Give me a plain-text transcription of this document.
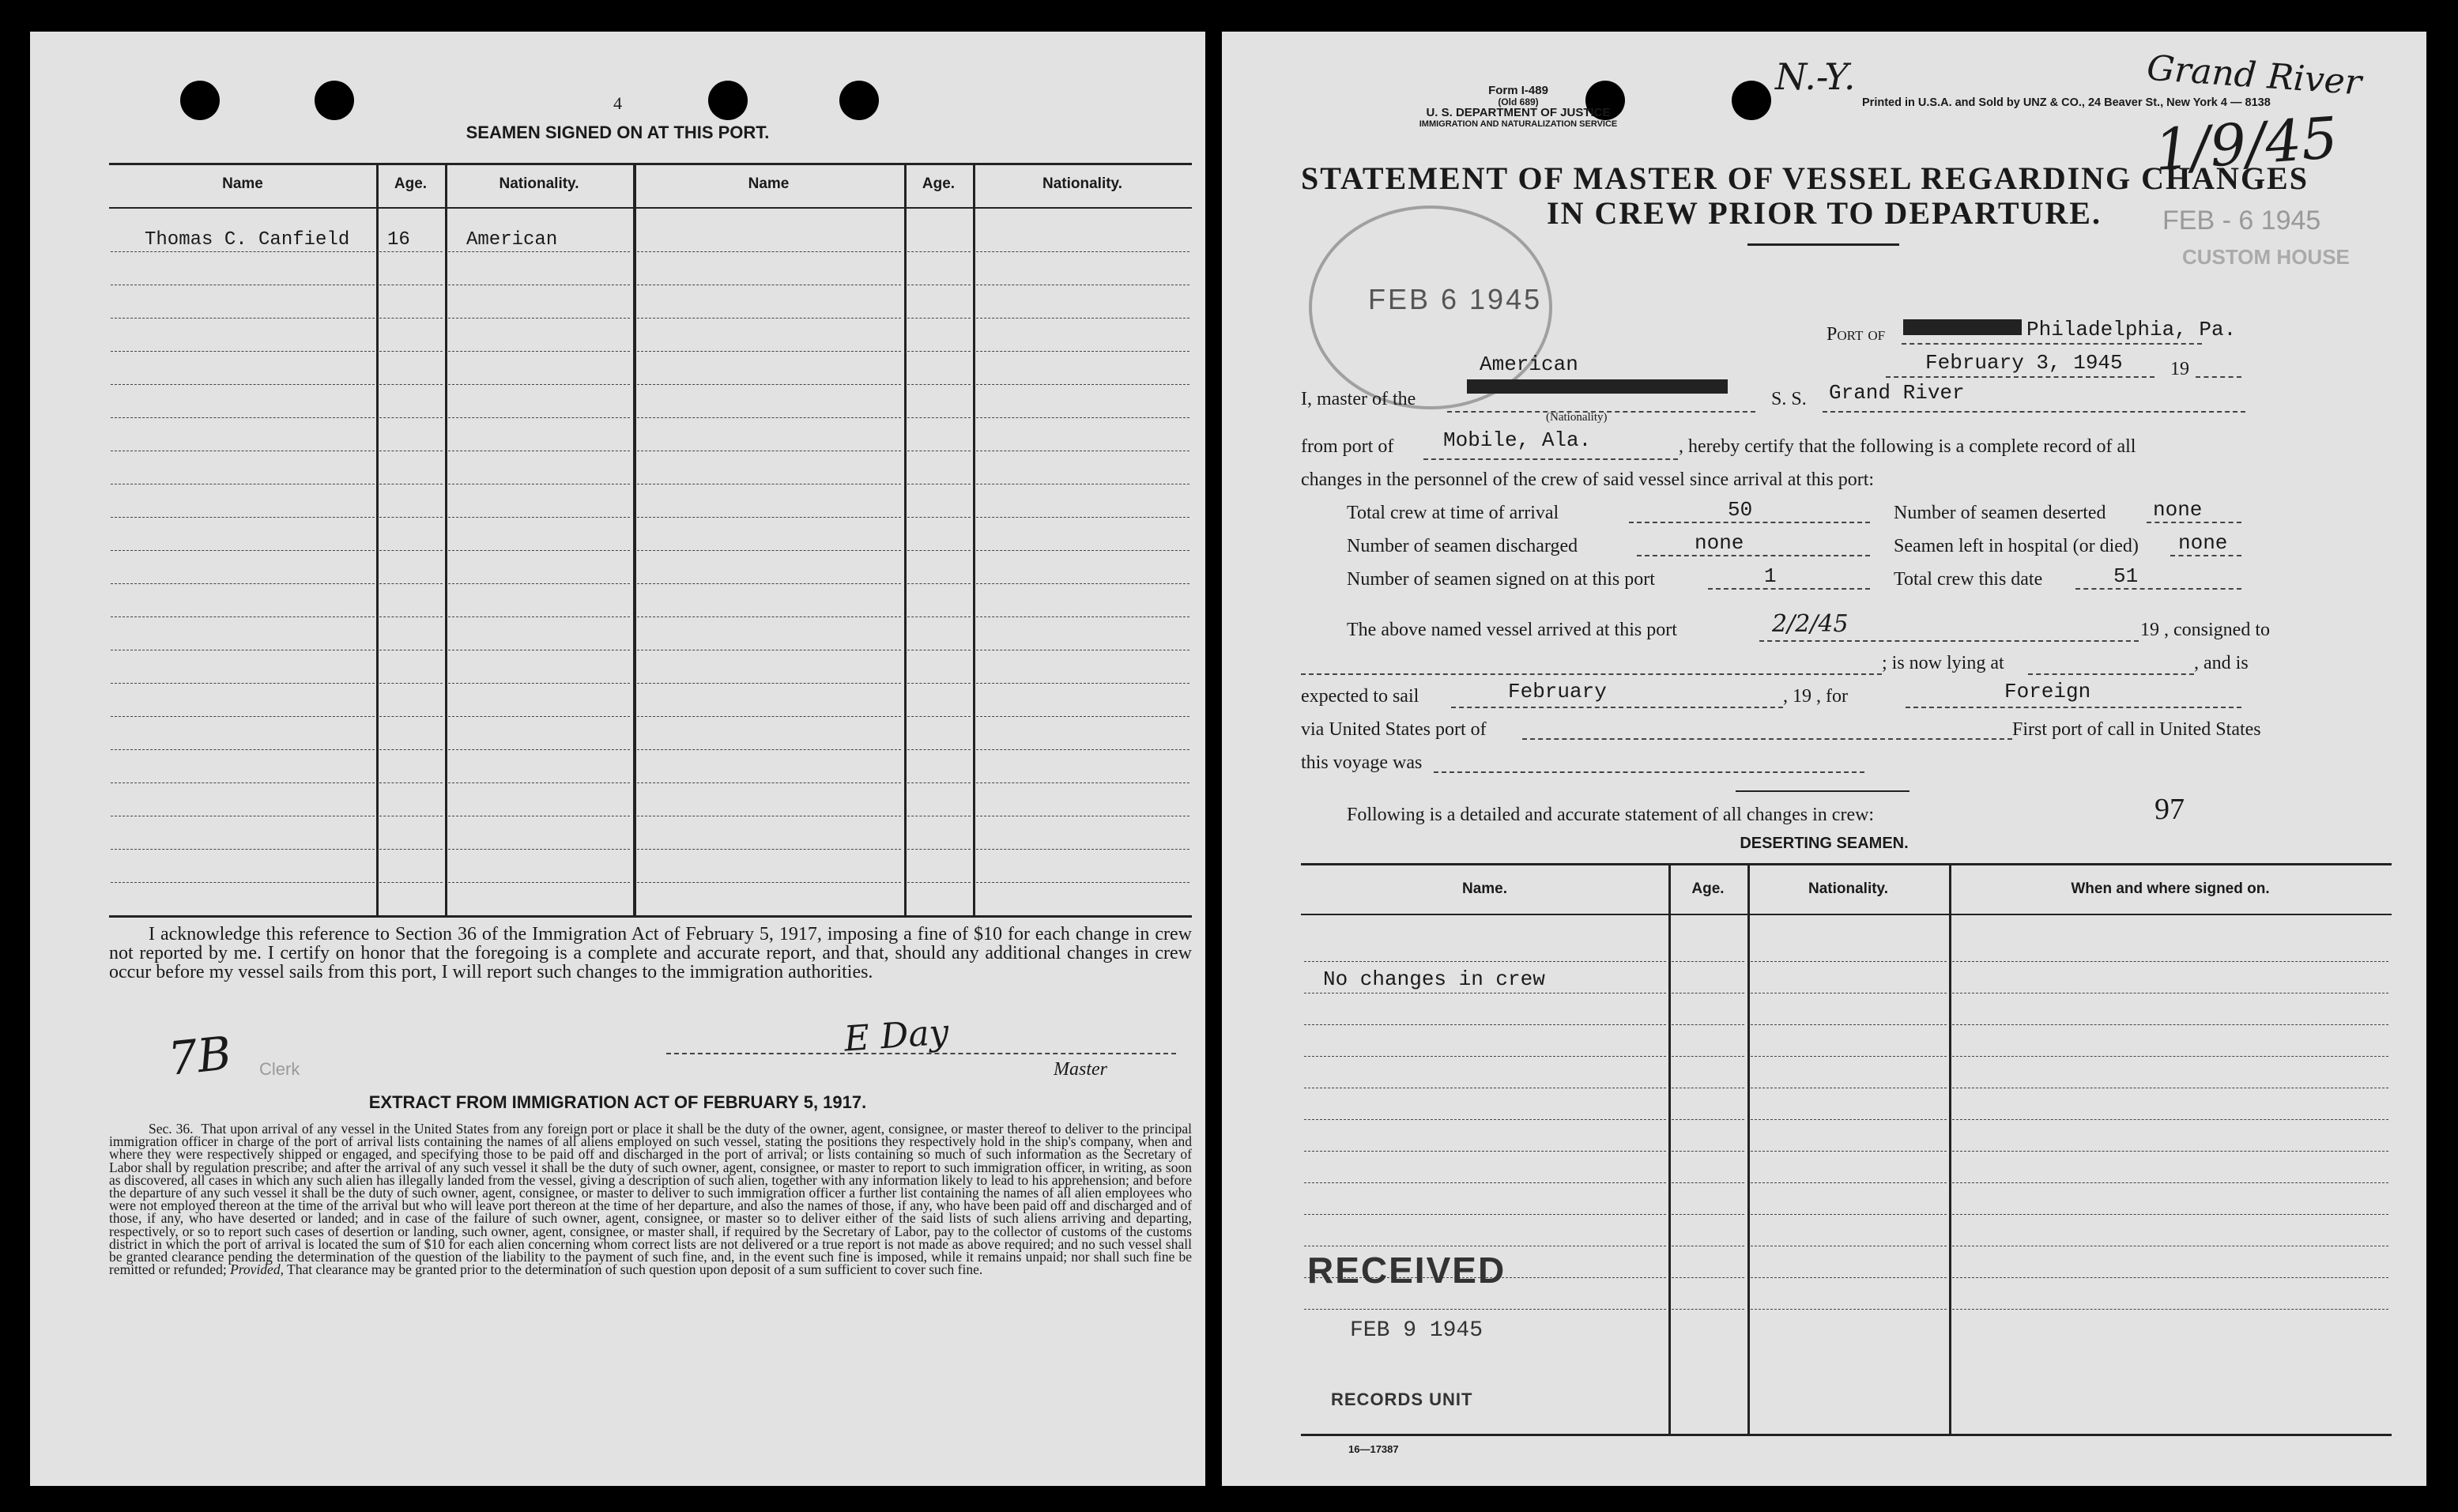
4
SEAMEN SIGNED ON AT THIS PORT.
Name	Age.	Nationality.	Name	Age.	Nationality.
Thomas C. Canfield 16	American
I acknowledge this reference to Section 36 of the Immigration Act of February 5, 1917, imposing a fine of $10 for each change in crew not reported by me. I certify on honor that the foregoing is a complete and accurate report, and that, should any additional changes in crew occur before my vessel sails from this port, I will report such changes to the immigration authorities.
7B Clerk
E Day
Master
EXTRACT FROM IMMIGRATION ACT OF FEBRUARY 5, 1917.

Sec. 36. That upon arrival of any vessel in the United States from any foreign port or place it shall be the duty of the owner, agent, consignee, or master thereof to deliver to the principal immigration officer in charge of the port of arrival lists containing the names of all aliens employed on such vessel, stating the positions they respectively hold in the ship's company, when and where they were respectively shipped or engaged, and specifying those to be paid off and discharged in the port of arrival; or lists containing so much of such information as the Secretary of Labor shall by regulation prescribe; and after the arrival of any such vessel it shall be the duty of such owner, agent, consignee, or master to report to such immigration officer, in writing, as soon as discovered, all cases in which any such alien has illegally landed from the vessel, giving a description of such alien, together with any information likely to lead to his apprehension; and before the departure of any such vessel it shall be the duty of such owner, agent, consignee, or master to deliver to such immigration officer a further list containing the names of all alien employees who were not employed thereon at the time of the arrival but who will leave port thereon at the time of her departure, and also the names of those, if any, who have been paid off and discharged and of those, if any, who have deserted or landed; and in case of the failure of such owner, agent, consignee, or master so to deliver either of the said lists of such aliens arriving and departing, respectively, or so to report such cases of desertion or landing, such owner, agent, consignee, or master shall, if required by the Secretary of Labor, pay to the collector of customs of the customs district in which the port of arrival is located the sum of $10 for each alien concerning whom correct lists are not delivered or a true report is not made as above required; and no such vessel shall be granted clearance pending the determination of the question of the liability to the payment of such fine, and, in the event such fine is imposed, while it remains unpaid; nor shall such fine be remitted or refunded; Provided, That clearance may be granted prior to the determination of such question upon deposit of a sum sufficient to cover such fine.

Form I-489
(Old 689)
U. S. DEPARTMENT OF JUSTICE
IMMIGRATION AND NATURALIZATION SERVICE
N.-Y.
Printed in U.S.A. and Sold by UNZ & CO., 24 Beaver St., New York 4 — 8138
Grand River
1/9/45
STATEMENT OF MASTER OF VESSEL REGARDING CHANGES
IN CREW PRIOR TO DEPARTURE.
FEB 6 1945
FEB - 6 1945
CUSTOM HOUSE
Port of	Philadelphia, Pa.
February 3, 1945	19
American
I, master of the
(Nationality)
S. S. Grand River
from port of Mobile, Ala.	, hereby certify that the following is a complete record of all
changes in the personnel of the crew of said vessel since arrival at this port:
Total crew at time of arrival	50	Number of seamen deserted none
Number of seamen discharged	none	Seamen left in hospital (or died) none
Number of seamen signed on at this port	1	Total crew this date	51
The above named vessel arrived at this port	2/2/45	19 , consigned to
; is now lying at	, and is
expected to sail	February	, 19 , for	Foreign
via United States port of	First port of call in United States
this voyage was
Following is a detailed and accurate statement of all changes in crew:	97
DESERTING SEAMEN.
Name.	Age.	Nationality.	When and where signed on.
No changes in crew
RECEIVED
FEB 9 1945
RECORDS UNIT
16—17387
